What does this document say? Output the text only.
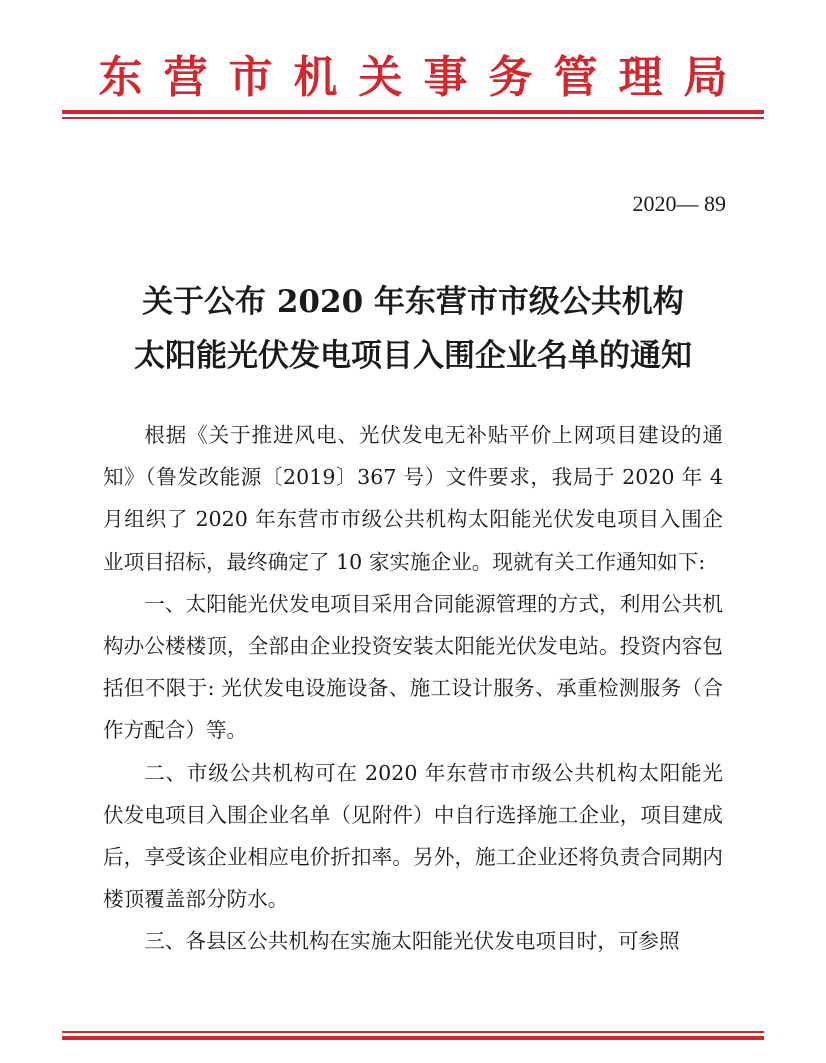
东营市机关事务管理局
2020— 89
关于公布 2020 年东营市市级公共机构
太阳能光伏发电项目入围企业名单的通知

根据《关于推进风电、光伏发电无补贴平价上网项目建设的通知》（鲁发改能源〔2019〕367 号）文件要求，我局于 2020 年 4 月组织了 2020 年东营市市级公共机构太阳能光伏发电项目入围企业项目招标，最终确定了 10 家实施企业。现就有关工作通知如下:

一、太阳能光伏发电项目采用合同能源管理的方式，利用公共机构办公楼楼顶，全部由企业投资安装太阳能光伏发电站。投资内容包括但不限于: 光伏发电设施设备、施工设计服务、承重检测服务（合作方配合）等。

二、市级公共机构可在 2020 年东营市市级公共机构太阳能光伏发电项目入围企业名单（见附件）中自行选择施工企业，项目建成后，享受该企业相应电价折扣率。另外，施工企业还将负责合同期内楼顶覆盖部分防水。

三、各县区公共机构在实施太阳能光伏发电项目时，可参照
